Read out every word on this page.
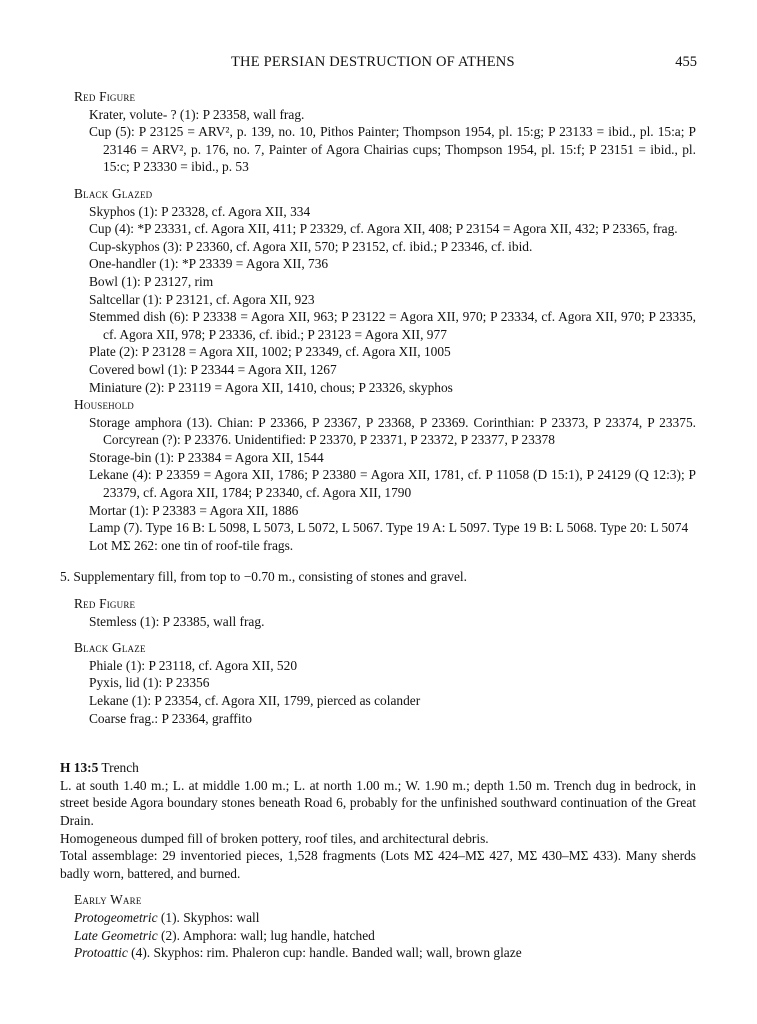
THE PERSIAN DESTRUCTION OF ATHENS	455
Red Figure
Krater, volute- ? (1): P 23358, wall frag.
Cup (5): P 23125 = ARV², p. 139, no. 10, Pithos Painter; Thompson 1954, pl. 15:g; P 23133 = ibid., pl. 15:a; P 23146 = ARV², p. 176, no. 7, Painter of Agora Chairias cups; Thompson 1954, pl. 15:f; P 23151 = ibid., pl. 15:c; P 23330 = ibid., p. 53
Black Glazed
Skyphos (1): P 23328, cf. Agora XII, 334
Cup (4): *P 23331, cf. Agora XII, 411; P 23329, cf. Agora XII, 408; P 23154 = Agora XII, 432; P 23365, frag.
Cup-skyphos (3): P 23360, cf. Agora XII, 570; P 23152, cf. ibid.; P 23346, cf. ibid.
One-handler (1): *P 23339 = Agora XII, 736
Bowl (1): P 23127, rim
Saltcellar (1): P 23121, cf. Agora XII, 923
Stemmed dish (6): P 23338 = Agora XII, 963; P 23122 = Agora XII, 970; P 23334, cf. Agora XII, 970; P 23335, cf. Agora XII, 978; P 23336, cf. ibid.; P 23123 = Agora XII, 977
Plate (2): P 23128 = Agora XII, 1002; P 23349, cf. Agora XII, 1005
Covered bowl (1): P 23344 = Agora XII, 1267
Miniature (2): P 23119 = Agora XII, 1410, chous; P 23326, skyphos
Household
Storage amphora (13). Chian: P 23366, P 23367, P 23368, P 23369. Corinthian: P 23373, P 23374, P 23375. Corcyrean (?): P 23376. Unidentified: P 23370, P 23371, P 23372, P 23377, P 23378
Storage-bin (1): P 23384 = Agora XII, 1544
Lekane (4): P 23359 = Agora XII, 1786; P 23380 = Agora XII, 1781, cf. P 11058 (D 15:1), P 24129 (Q 12:3); P 23379, cf. Agora XII, 1784; P 23340, cf. Agora XII, 1790
Mortar (1): P 23383 = Agora XII, 1886
Lamp (7). Type 16 B: L 5098, L 5073, L 5072, L 5067. Type 19 A: L 5097. Type 19 B: L 5068. Type 20: L 5074
Lot ΜΣ 262: one tin of roof-tile frags.
5. Supplementary fill, from top to −0.70 m., consisting of stones and gravel.
Red Figure
Stemless (1): P 23385, wall frag.
Black Glaze
Phiale (1): P 23118, cf. Agora XII, 520
Pyxis, lid (1): P 23356
Lekane (1): P 23354, cf. Agora XII, 1799, pierced as colander
Coarse frag.: P 23364, graffito
H 13:5 Trench
L. at south 1.40 m.; L. at middle 1.00 m.; L. at north 1.00 m.; W. 1.90 m.; depth 1.50 m. Trench dug in bedrock, in street beside Agora boundary stones beneath Road 6, probably for the unfinished southward continuation of the Great Drain.
Homogeneous dumped fill of broken pottery, roof tiles, and architectural debris.
Total assemblage: 29 inventoried pieces, 1,528 fragments (Lots ΜΣ 424–ΜΣ 427, ΜΣ 430–ΜΣ 433). Many sherds badly worn, battered, and burned.
Early Ware
Protogeometric (1). Skyphos: wall
Late Geometric (2). Amphora: wall; lug handle, hatched
Protoattic (4). Skyphos: rim. Phaleron cup: handle. Banded wall; wall, brown glaze
